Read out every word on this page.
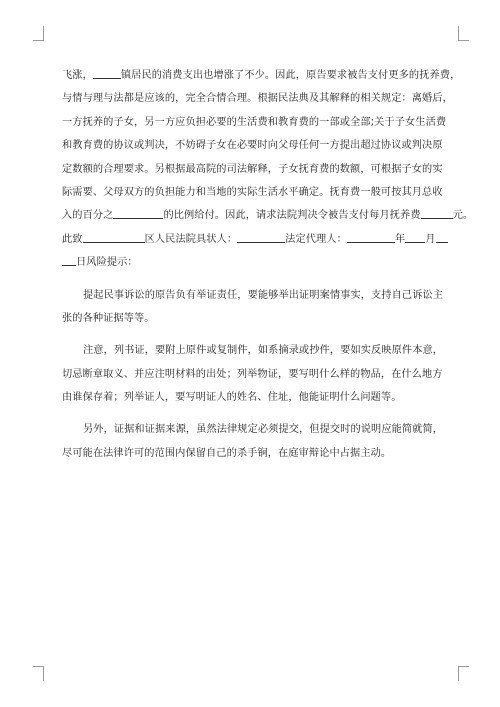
飞涨，	镇居民的消费支出也增涨了不少。因此，原告要求被告支付更多的抚养费，
与情与理与法都是应该的，完全合情合理。根据民法典及其解释的相关规定：离婚后，
一方抚养的子女，另一方应负担必要的生活费和教育费的一部或全部;关于子女生活费
和教育费的协议或判决，不妨碍子女在必要时向父母任何一方提出超过协议或判决原
定数额的合理要求。另根据最高院的司法解释，子女抚育费的数额，可根据子女的实
际需要、父母双方的负担能力和当地的实际生活水平确定。抚育费一般可按其月总收
入的百分之	的比例给付。因此，请求法院判决令被告支付每月抚养费	元。
此致	区人民法院具状人：	法定代理人：	年 月
日风险提示：
提起民事诉讼的原告负有举证责任，要能够举出证明案情事实，支持自己诉讼主
张的各种证据等等。
注意，列书证，要附上原件或复制件，如系摘录或抄件，要如实反映原件本意，
切忌断章取义、并应注明材料的出处；列举物证，要写明什么样的物品，在什么地方
由谁保存着；列举证人，要写明证人的姓名、住址，他能证明什么问题等。
另外，证据和证据来源，虽然法律规定必须提交，但提交时的说明应能简就简，
尽可能在法律许可的范围内保留自己的杀手锏，在庭审辩论中占据主动。
